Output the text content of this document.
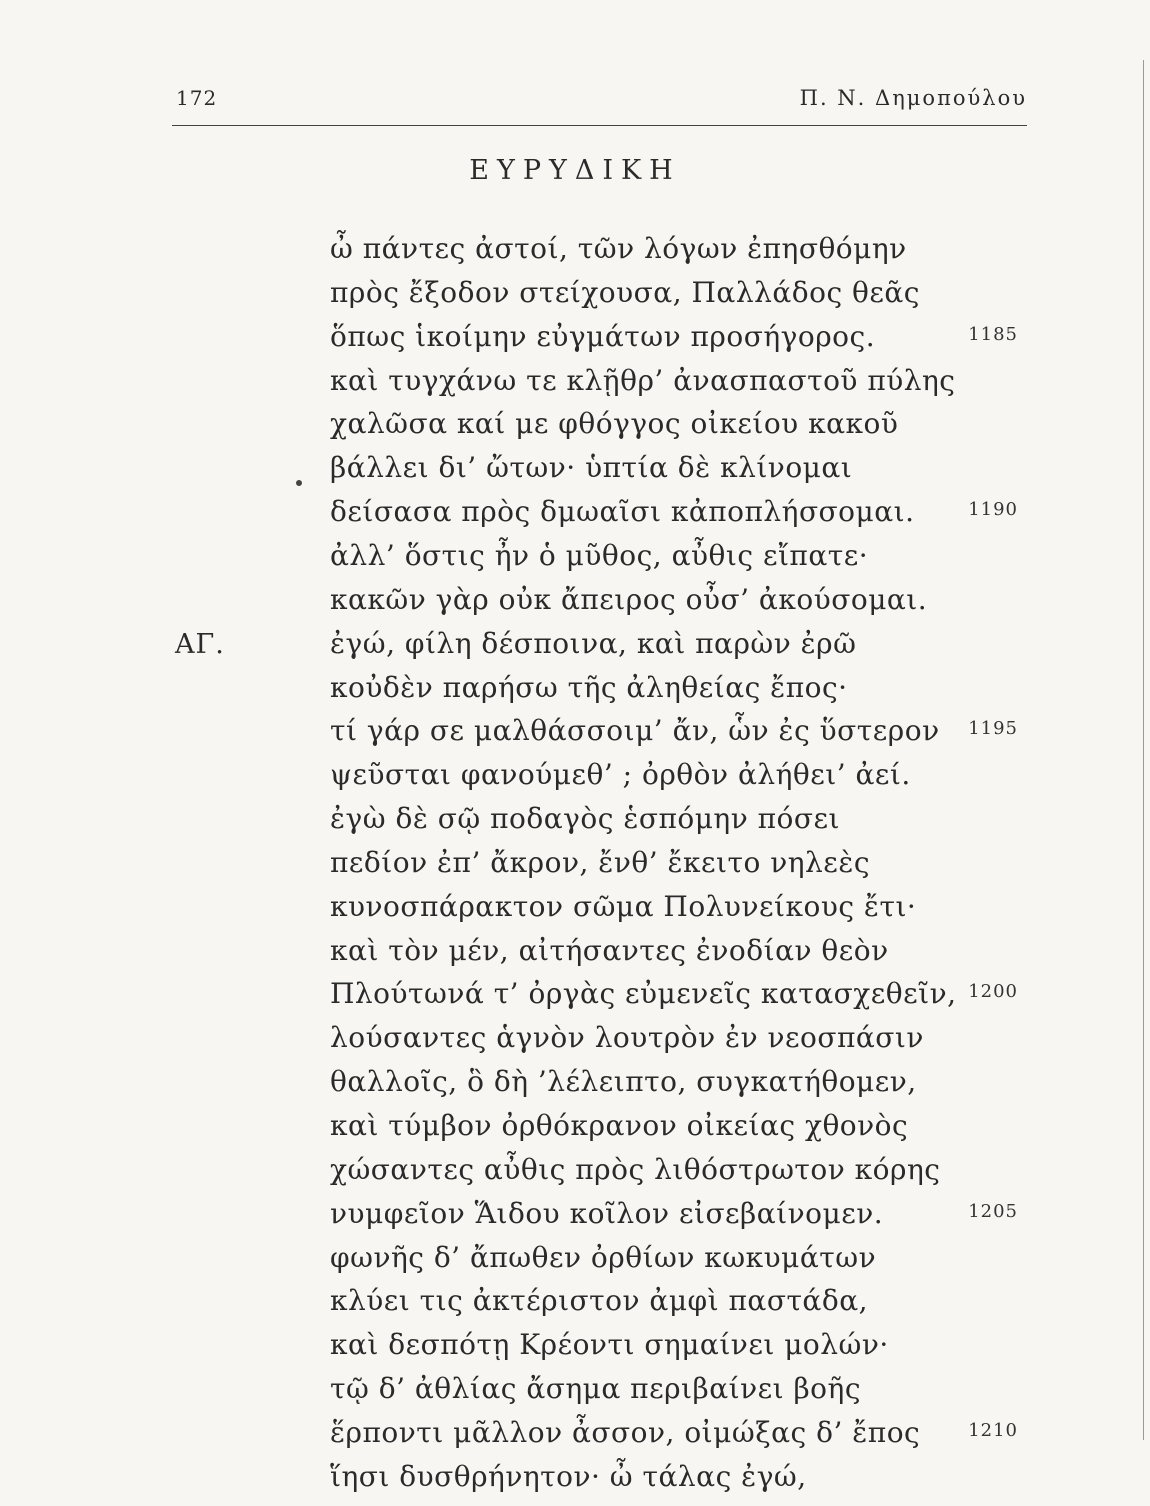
172	Π. Ν. Δημοπούλου
ΕΥΡΥΔΙΚΗ
ὦ πάντες ἀστοί, τῶν λόγων ἐπησθόμην
πρὸς ἔξοδον στείχουσα, Παλλάδος θεᾶς
ὅπως ἱκοίμην εὐγμάτων προσήγορος.	1185
καὶ τυγχάνω τε κλῇθρ’ ἀνασπαστοῦ πύλης
χαλῶσα καί με φθόγγος οἰκείου κακοῦ
βάλλει δι’ ὤτων· ὑπτία δὲ κλίνομαι
δείσασα πρὸς δμωαῖσι κἀποπλήσσομαι.	1190
ἀλλ’ ὅστις ἦν ὁ μῦθος, αὖθις εἴπατε·
κακῶν γὰρ οὐκ ἄπειρος οὖσ’ ἀκούσομαι.
ΑΓ.	ἐγώ, φίλη δέσποινα, καὶ παρὼν ἐρῶ
κοὐδὲν παρήσω τῆς ἀληθείας ἔπος·
τί γάρ σε μαλθάσσοιμ’ ἄν, ὧν ἐς ὕστερον 1195
ψεῦσται φανούμεθ’ ; ὀρθὸν ἀλήθει’ ἀεί.
ἐγὼ δὲ σῷ ποδαγὸς ἑσπόμην πόσει
πεδίον ἐπ’ ἄκρον, ἔνθ’ ἔκειτο νηλεὲς
κυνοσπάρακτον σῶμα Πολυνείκους ἔτι·
καὶ τὸν μέν, αἰτήσαντες ἐνοδίαν θεὸν
Πλούτωνά τ’ ὀργὰς εὐμενεῖς κατασχεθεῖν, 1200
λούσαντες ἁγνὸν λουτρὸν ἐν νεοσπάσιν
θαλλοῖς, ὃ δὴ ’λέλειπτο, συγκατήθομεν,
καὶ τύμβον ὀρθόκρανον οἰκείας χθονὸς
χώσαντες αὖθις πρὸς λιθόστρωτον κόρης
νυμφεῖον Ἅιδου κοῖλον εἰσεβαίνομεν.	1205
φωνῆς δ’ ἄπωθεν ὀρθίων κωκυμάτων
κλύει τις ἀκτέριστον ἀμφὶ παστάδα,
καὶ δεσπότῃ Κρέοντι σημαίνει μολών·
τῷ δ’ ἀθλίας ἄσημα περιβαίνει βοῆς
ἕρποντι μᾶλλον ἆσσον, οἰμώξας δ’ ἔπος	1210
ἵησι δυσθρήνητον· ὦ τάλας ἐγώ,
